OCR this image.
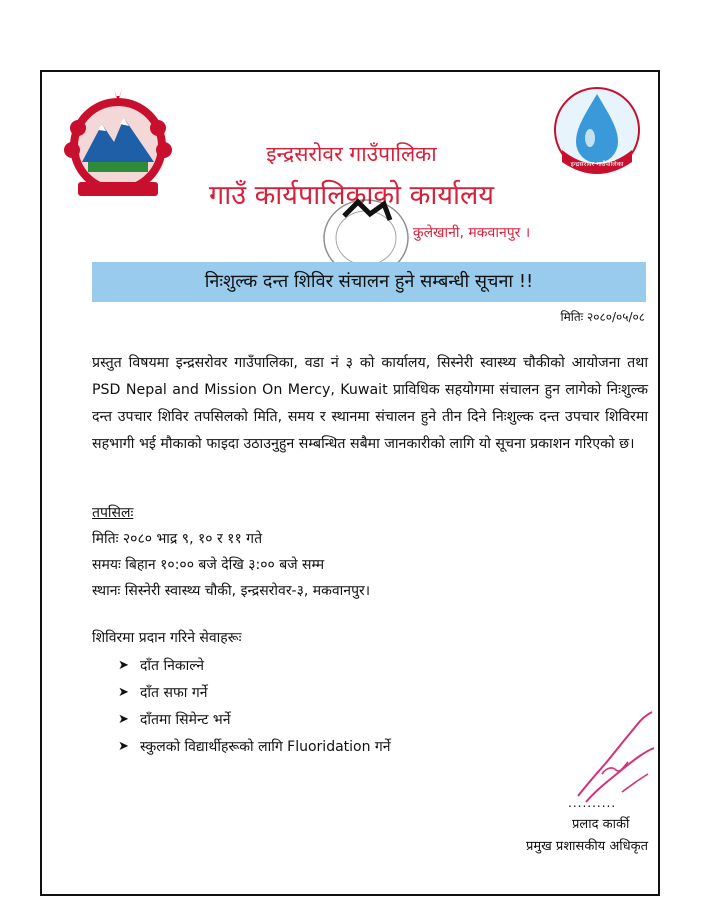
इन्द्रसरोवर गाउँपालिका
इन्द्रसरोवर गाउँपालिका
गाउँ कार्यपालिकाको कार्यालय
कुलेखानी, मकवानपुर ।
निःशुल्क दन्त शिविर संचालन हुने सम्बन्धी सूचना !!
मितिः २०८०/०५/०८
प्रस्तुत विषयमा इन्द्रसरोवर गाउँपालिका, वडा नं ३ को कार्यालय, सिस्नेरी स्वास्थ्य चौकीको आयोजना तथा PSD Nepal and Mission On Mercy, Kuwait प्राविधिक सहयोगमा संचालन हुन लागेको निःशुल्क दन्त उपचार शिविर तपसिलको मिति, समय र स्थानमा संचालन हुने तीन दिने निःशुल्क दन्त उपचार शिविरमा सहभागी भई मौकाको फाइदा उठाउनुहुन सम्बन्धित सबैमा जानकारीको लागि यो सूचना प्रकाशन गरिएको छ।
तपसिलः
मितिः २०८० भाद्र ९, १० र ११ गते
समयः बिहान १०:०० बजे देखि ३:०० बजे सम्म
स्थानः सिस्नेरी स्वास्थ्य चौकी, इन्द्रसरोवर-३, मकवानपुर।
शिविरमा प्रदान गरिने सेवाहरूः
➤ दाँत निकाल्ने
➤ दाँत सफा गर्ने
➤ दाँतमा सिमेन्ट भर्ने
➤ स्कुलको विद्यार्थीहरूको लागि Fluoridation गर्ने
..........
प्रलाद कार्की
प्रमुख प्रशासकीय अधिकृत
